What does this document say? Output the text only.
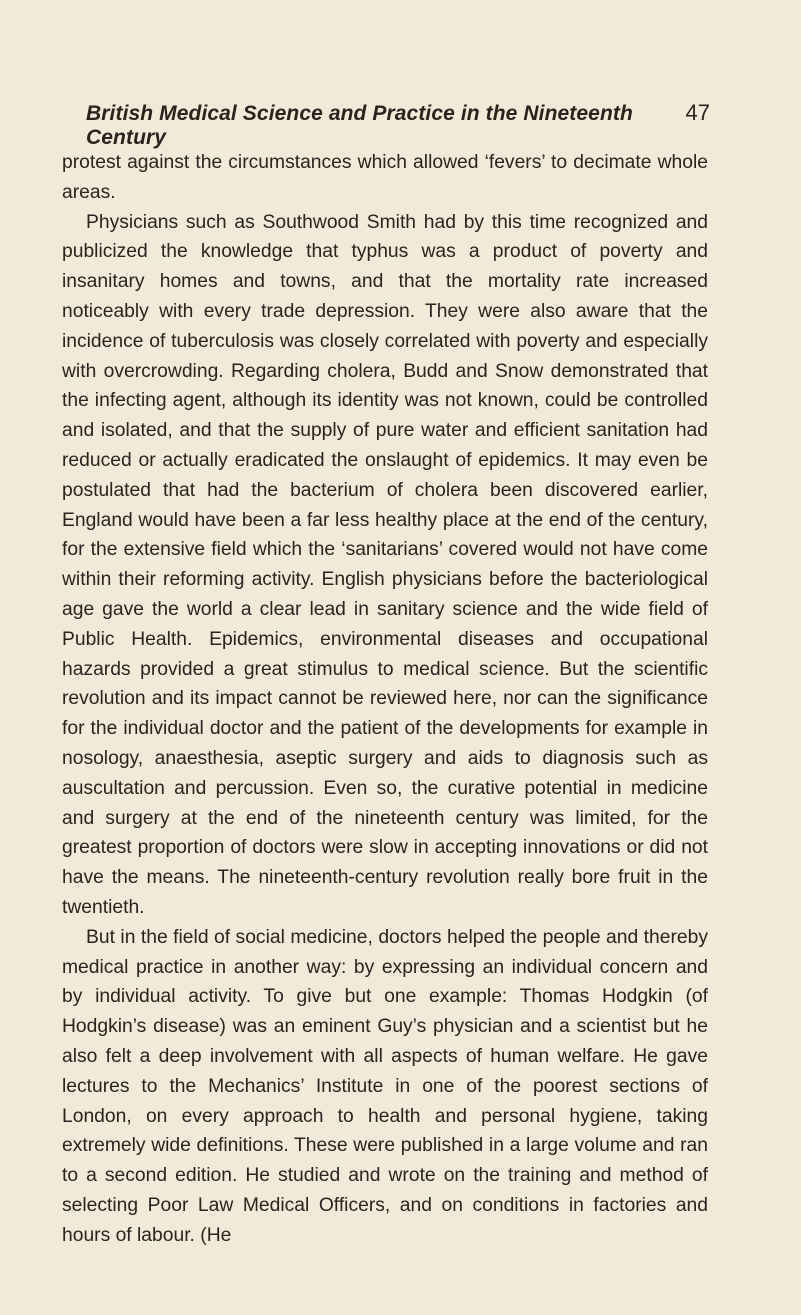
British Medical Science and Practice in the Nineteenth Century
47

protest against the circumstances which allowed ‘fevers’ to decimate whole areas.

Physicians such as Southwood Smith had by this time recognized and publicized the knowledge that typhus was a product of poverty and insanitary homes and towns, and that the mortality rate increased noticeably with every trade depression. They were also aware that the incidence of tuberculosis was closely correlated with poverty and especially with overcrowding. Regarding cholera, Budd and Snow demonstrated that the infecting agent, although its identity was not known, could be controlled and isolated, and that the supply of pure water and efficient sanitation had reduced or actually eradicated the onslaught of epidemics. It may even be postulated that had the bacterium of cholera been discovered earlier, England would have been a far less healthy place at the end of the century, for the extensive field which the ‘sanitarians’ covered would not have come within their reforming activity. English physicians before the bacteriological age gave the world a clear lead in sanitary science and the wide field of Public Health. Epidemics, environmental diseases and occupational hazards provided a great stimulus to medical science. But the scientific revolution and its impact cannot be reviewed here, nor can the significance for the individual doctor and the patient of the developments for example in nosology, anaesthesia, aseptic surgery and aids to diagnosis such as auscultation and percussion. Even so, the curative potential in medicine and surgery at the end of the nineteenth century was limited, for the greatest proportion of doctors were slow in accepting innovations or did not have the means. The nineteenth-century revolution really bore fruit in the twentieth.

But in the field of social medicine, doctors helped the people and thereby medical practice in another way: by expressing an individual concern and by individual activity. To give but one example: Thomas Hodgkin (of Hodgkin’s disease) was an eminent Guy’s physician and a scientist but he also felt a deep involvement with all aspects of human welfare. He gave lectures to the Mechanics’ Institute in one of the poorest sections of London, on every approach to health and personal hygiene, taking extremely wide definitions. These were published in a large volume and ran to a second edition. He studied and wrote on the training and method of selecting Poor Law Medical Officers, and on conditions in factories and hours of labour. (He
